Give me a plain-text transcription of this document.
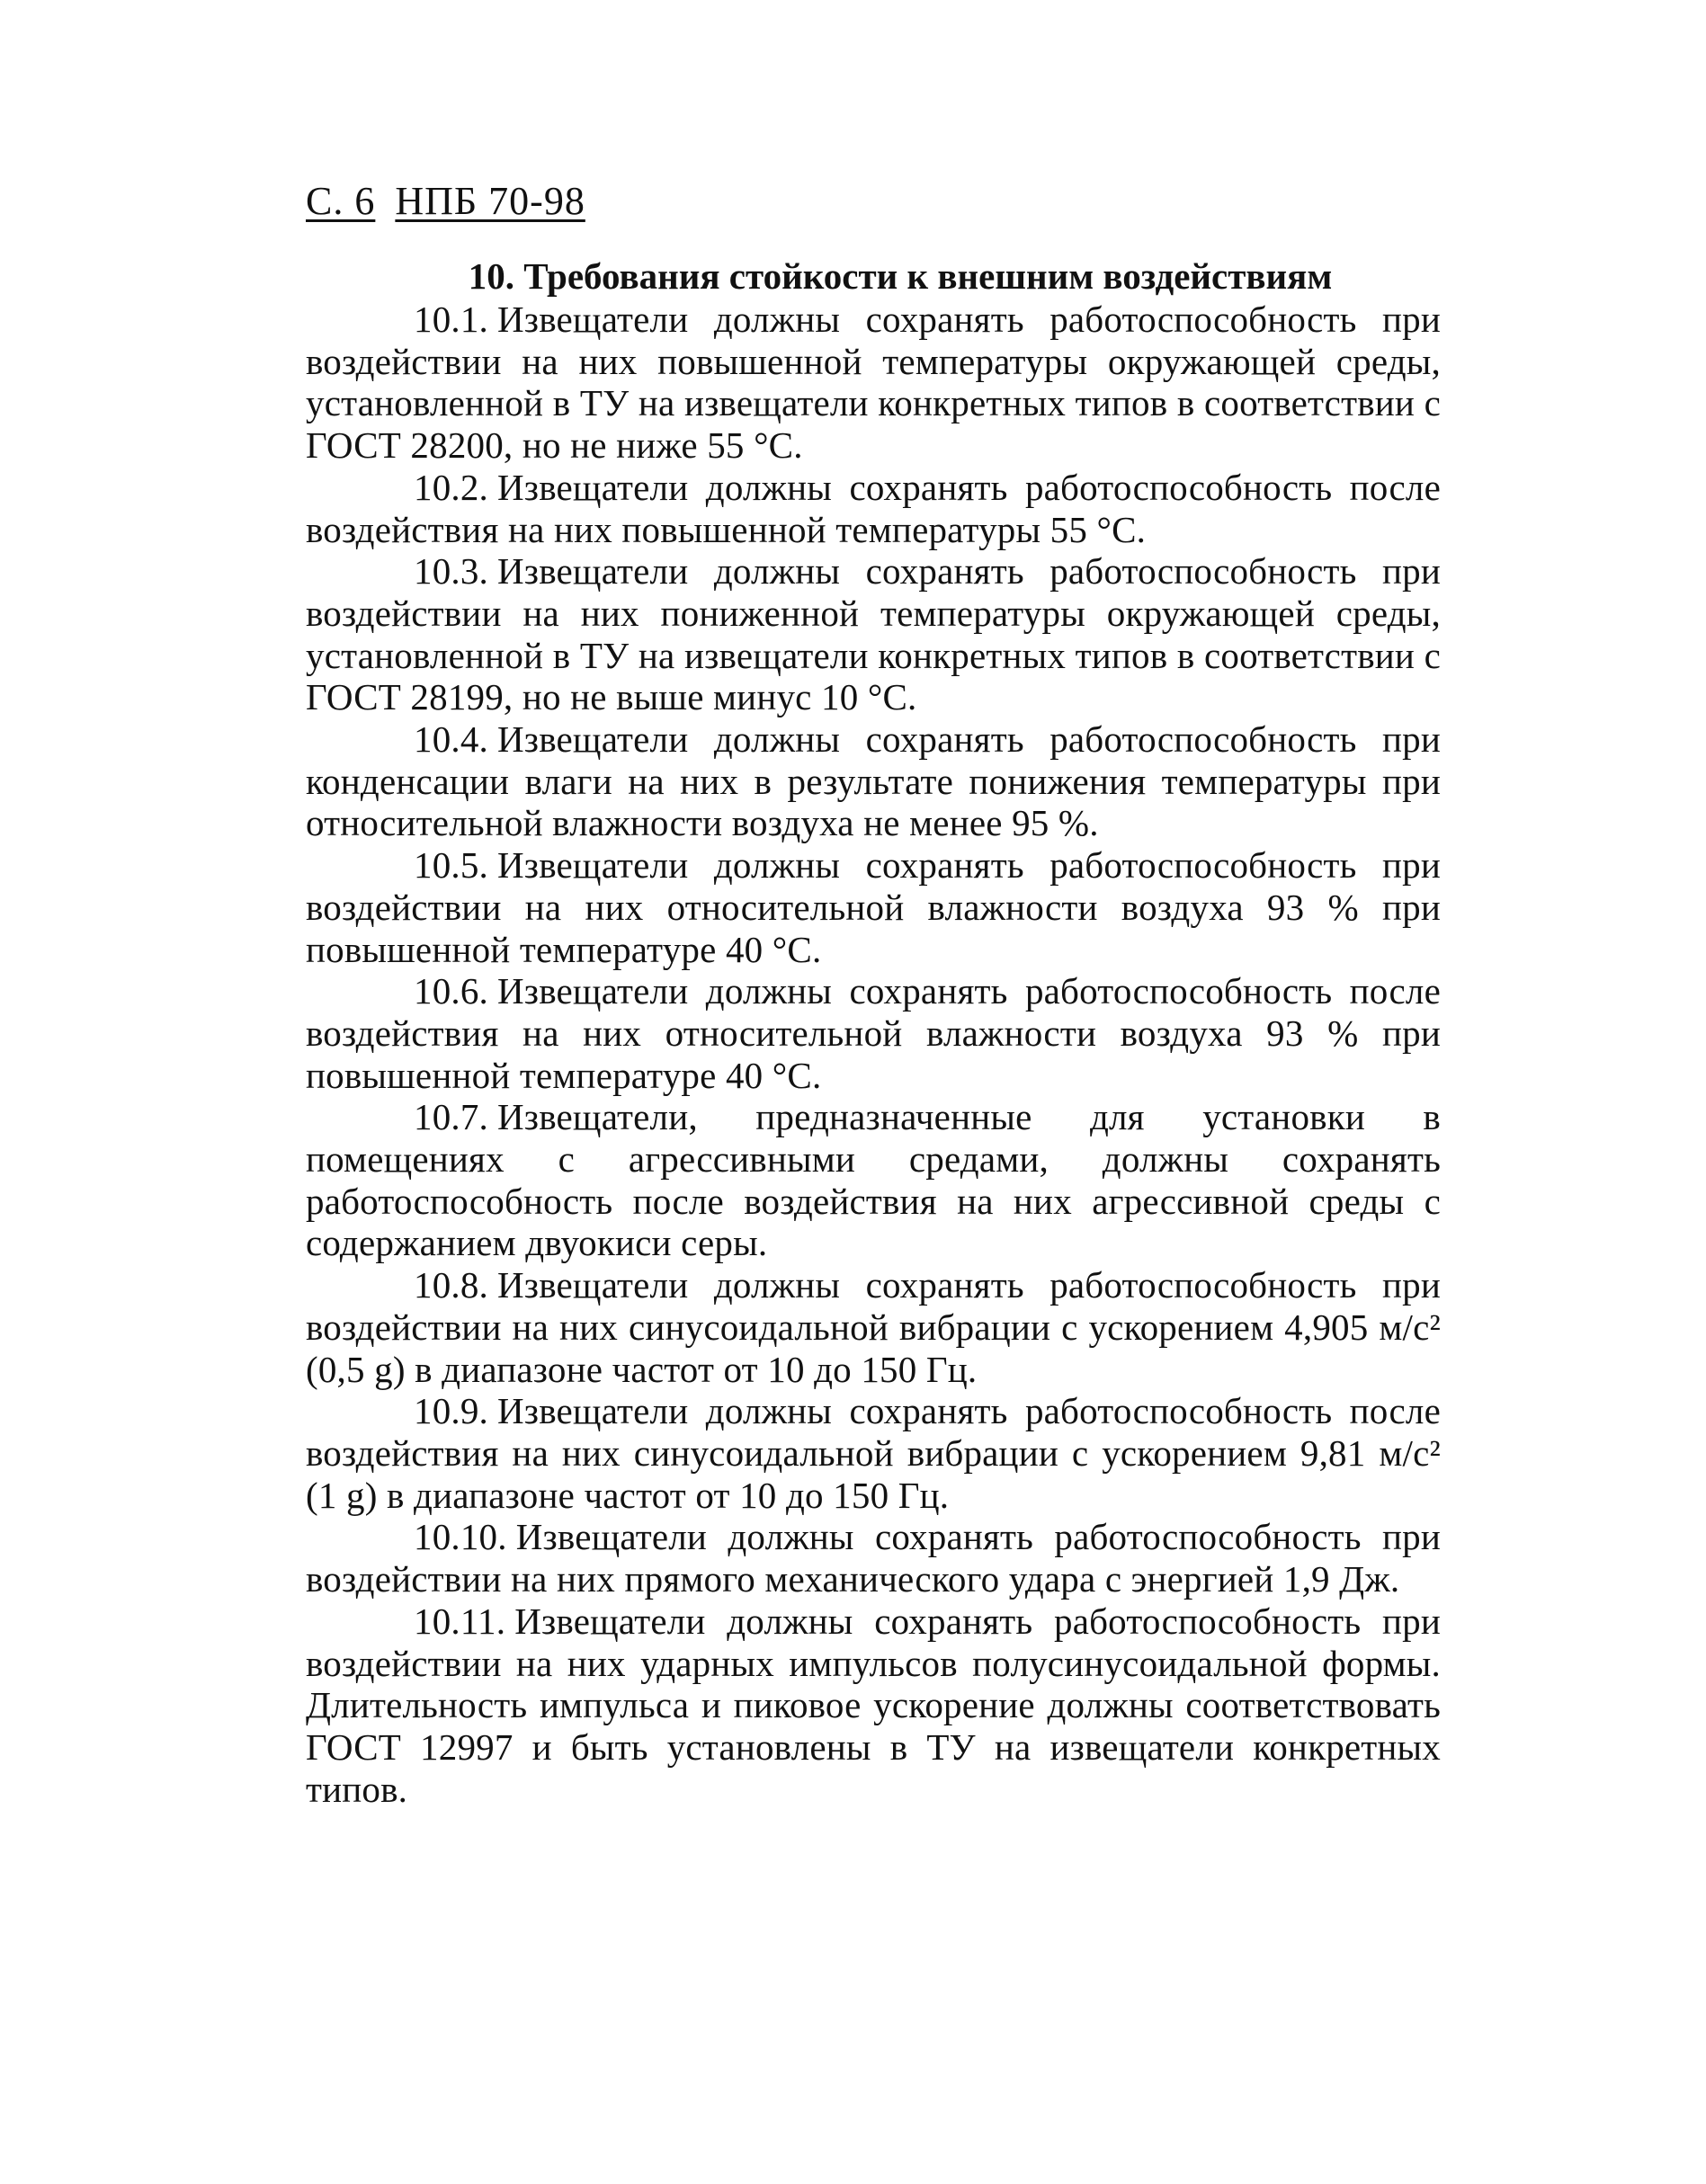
С. 6 НПБ 70-98
10. Требования стойкости к внешним воздействиям

10.1. Извещатели должны сохранять работоспособность при воздействии на них повышенной температуры окружающей среды, установленной в ТУ на извещатели конкретных типов в соответствии с ГОСТ 28200, но не ниже 55 °С.

10.2. Извещатели должны сохранять работоспособность после воздействия на них повышенной температуры 55 °С.

10.3. Извещатели должны сохранять работоспособность при воздействии на них пониженной температуры окружающей среды, установленной в ТУ на извещатели конкретных типов в соответствии с ГОСТ 28199, но не выше минус 10 °С.

10.4. Извещатели должны сохранять работоспособность при конденсации влаги на них в результате понижения температуры при относительной влажности воздуха не менее 95 %.

10.5. Извещатели должны сохранять работоспособность при воздействии на них относительной влажности воздуха 93 % при повышенной температуре 40 °С.

10.6. Извещатели должны сохранять работоспособность после воздействия на них относительной влажности воздуха 93 % при повышенной температуре 40 °С.

10.7. Извещатели, предназначенные для установки в помещениях с агрессивными средами, должны сохранять работоспособность после воздействия на них агрессивной среды с содержанием двуокиси серы.

10.8. Извещатели должны сохранять работоспособность при воздействии на них синусоидальной вибрации с ускорением 4,905 м/с² (0,5 g) в диапазоне частот от 10 до 150 Гц.

10.9. Извещатели должны сохранять работоспособность после воздействия на них синусоидальной вибрации с ускорением 9,81 м/с² (1 g) в диапазоне частот от 10 до 150 Гц.

10.10. Извещатели должны сохранять работоспособность при воздействии на них прямого механического удара с энергией 1,9 Дж.

10.11. Извещатели должны сохранять работоспособность при воздействии на них ударных импульсов полусинусоидальной формы. Длительность импульса и пиковое ускорение должны соответствовать ГОСТ 12997 и быть установлены в ТУ на извещатели конкретных типов.
